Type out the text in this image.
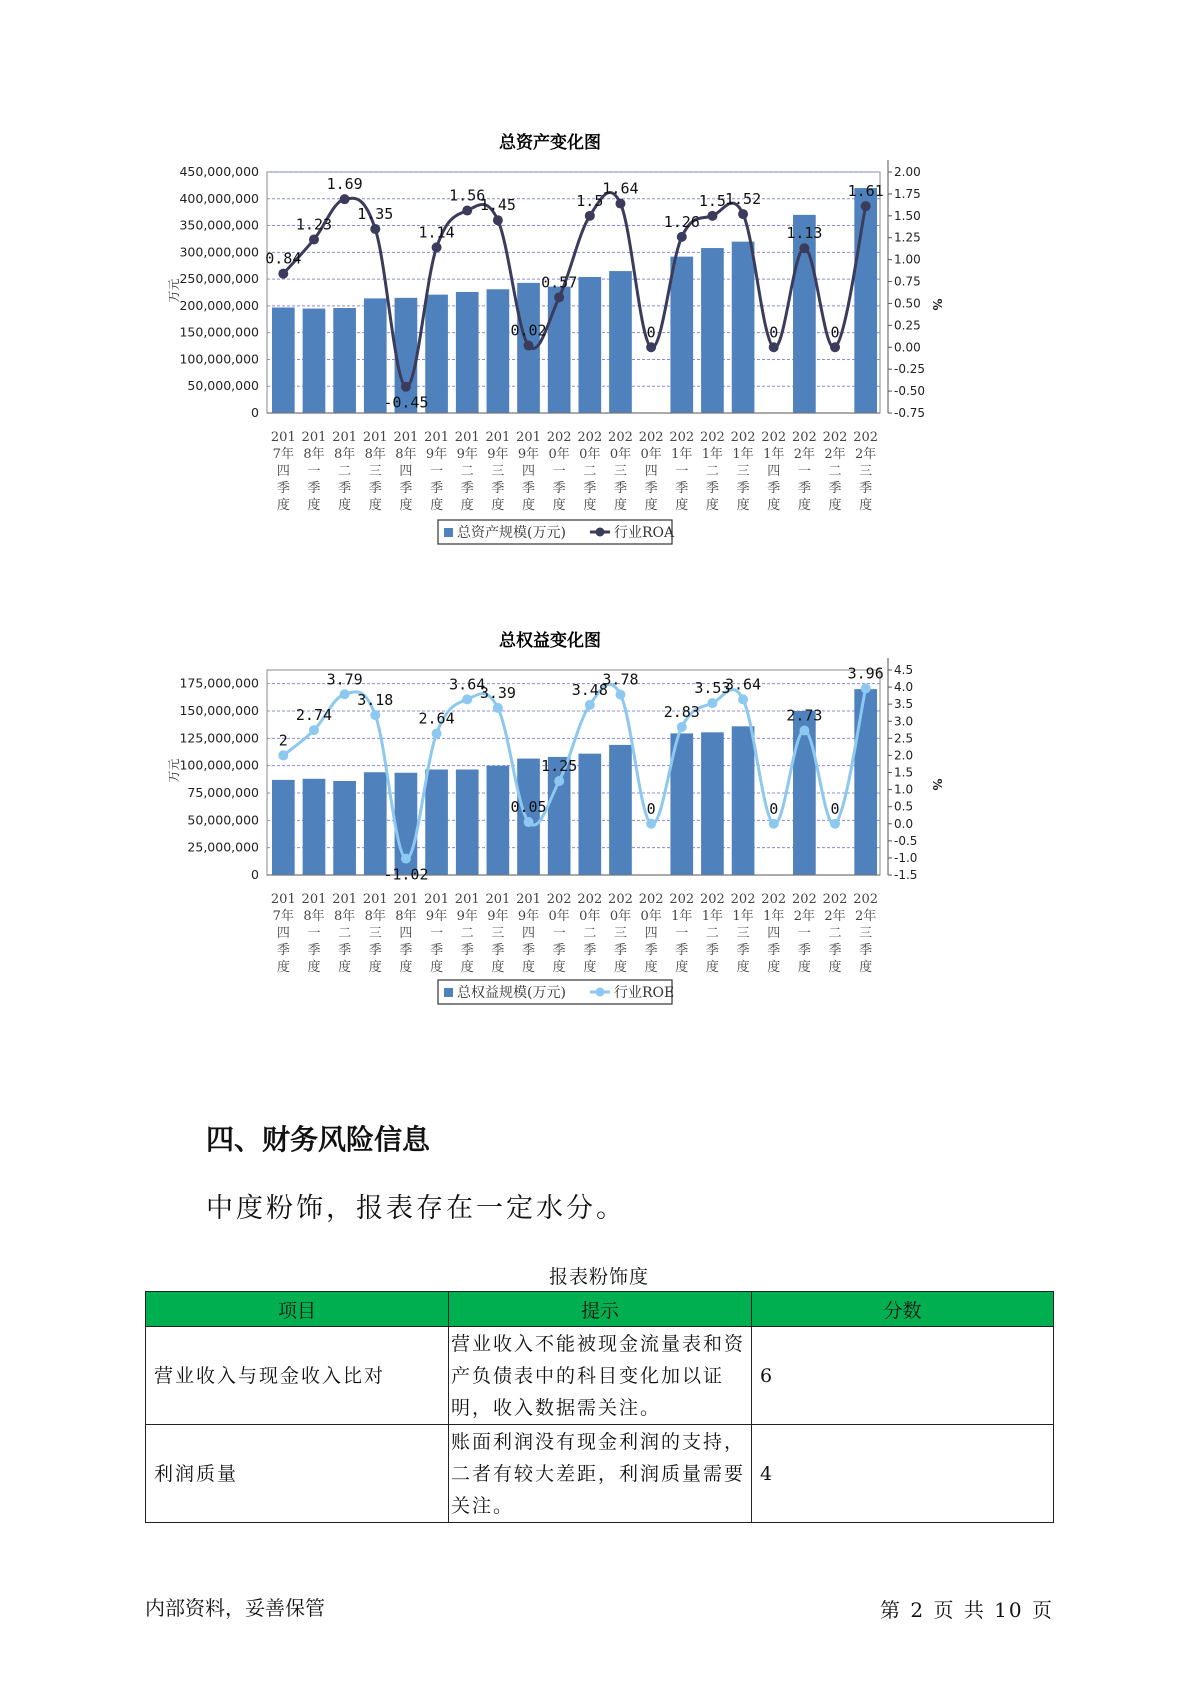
总资产变化图
0
50,000,000
100,000,000
150,000,000
200,000,000
250,000,000
300,000,000
350,000,000
400,000,000
450,000,000
-0.75
-0.50
-0.25
0.00
0.25
0.50
0.75
1.00
1.25
1.50
1.75
2.00
万元
%
201 7年四季度
201 8年一季度
201 8年二季度
201 8年三季度
201 8年四季度
201 9年一季度
201 9年二季度
201 9年三季度
201 9年四季度
202 0年一季度
202 0年二季度
202 0年三季度
202 0年四季度
202 1年一季度
202 1年二季度
202 1年三季度
202 1年四季度
202 2年一季度
202 2年二季度
202 2年三季度
0.84
1.23
1.69
1.35
-0.45
1.14
1.56
1.45
0.02
0.57
1.5
1.64
0
1.26
1.5 1.52
0
1.13
0
1.61
总资产规模(万元)	行业ROA
总权益变化图
0
25,000,000
50,000,000
75,000,000
100,000,000
125,000,000
150,000,000
175,000,000
-1.5
-1.0
-0.5
0.0
0.5
1.0
1.5
2.0
2.5
3.0
3.5
4.0
4.5
万元
%
201 7年四季度
201 8年一季度
201 8年二季度
201 8年三季度
201 8年四季度
201 9年一季度
201 9年二季度
201 9年三季度
201 9年四季度
202 0年一季度
202 0年二季度
202 0年三季度
202 0年四季度
202 1年一季度
202 1年二季度
202 1年三季度
202 1年四季度
202 2年一季度
202 2年二季度
202 2年三季度
2
2.74
3.79
3.18
-1.02
2.64
3.64
3.39
0.05
1.25
3.48
3.78
0
2.83
3.53
3.64
0
2.73
0
3.96
总权益规模(万元)	行业ROE
四、财务风险信息

中度粉饰，报表存在一定水分。

报表粉饰度
项目	提示	分数
营业收入与现金收入比对	营业收入不能被现金流量表和资产负债表中的科目变化加以证明，收入数据需关注。	6
利润质量	账面利润没有现金利润的支持，二者有较大差距，利润质量需要关注。	4
内部资料，妥善保管	第 2 页 共 10 页
